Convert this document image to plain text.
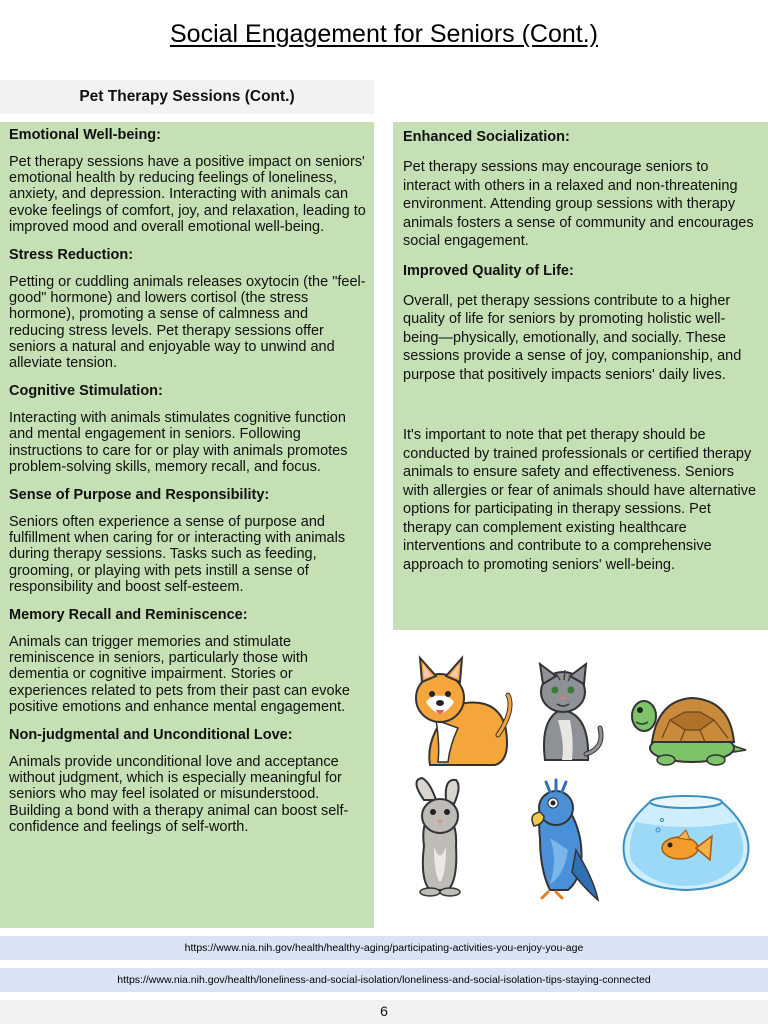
Social Engagement for Seniors (Cont.)
Pet Therapy Sessions (Cont.)
Emotional Well-being:
Pet therapy sessions have a positive impact on seniors' emotional health by reducing feelings of loneliness, anxiety, and depression. Interacting with animals can evoke feelings of comfort, joy, and relaxation, leading to improved mood and overall emotional well-being.
Stress Reduction:
Petting or cuddling animals releases oxytocin (the "feel-good" hormone) and lowers cortisol (the stress hormone), promoting a sense of calmness and reducing stress levels. Pet therapy sessions offer seniors a natural and enjoyable way to unwind and alleviate tension.
Cognitive Stimulation:
Interacting with animals stimulates cognitive function and mental engagement in seniors. Following instructions to care for or play with animals promotes problem-solving skills, memory recall, and focus.
Sense of Purpose and Responsibility:
Seniors often experience a sense of purpose and fulfillment when caring for or interacting with animals during therapy sessions. Tasks such as feeding, grooming, or playing with pets instill a sense of responsibility and boost self-esteem.
Memory Recall and Reminiscence:
Animals can trigger memories and stimulate reminiscence in seniors, particularly those with dementia or cognitive impairment. Stories or experiences related to pets from their past can evoke positive emotions and enhance mental engagement.
Non-judgmental and Unconditional Love:
Animals provide unconditional love and acceptance without judgment, which is especially meaningful for seniors who may feel isolated or misunderstood. Building a bond with a therapy animal can boost self-confidence and feelings of self-worth.
Enhanced Socialization:
Pet therapy sessions may encourage seniors to interact with others in a relaxed and non-threatening environment. Attending group sessions with therapy animals fosters a sense of community and encourages social engagement.
Improved Quality of Life:
Overall, pet therapy sessions contribute to a higher quality of life for seniors by promoting holistic well-being—physically, emotionally, and socially. These sessions provide a sense of joy, companionship, and purpose that positively impacts seniors' daily lives.
It's important to note that pet therapy should be conducted by trained professionals or certified therapy animals to ensure safety and effectiveness. Seniors with allergies or fear of animals should have alternative options for participating in therapy sessions. Pet therapy can complement existing healthcare interventions and contribute to a comprehensive approach to promoting seniors' well-being.
https://www.nia.nih.gov/health/healthy-aging/participating-activities-you-enjoy-you-age
https://www.nia.nih.gov/health/loneliness-and-social-isolation/loneliness-and-social-isolation-tips-staying-connected
6
